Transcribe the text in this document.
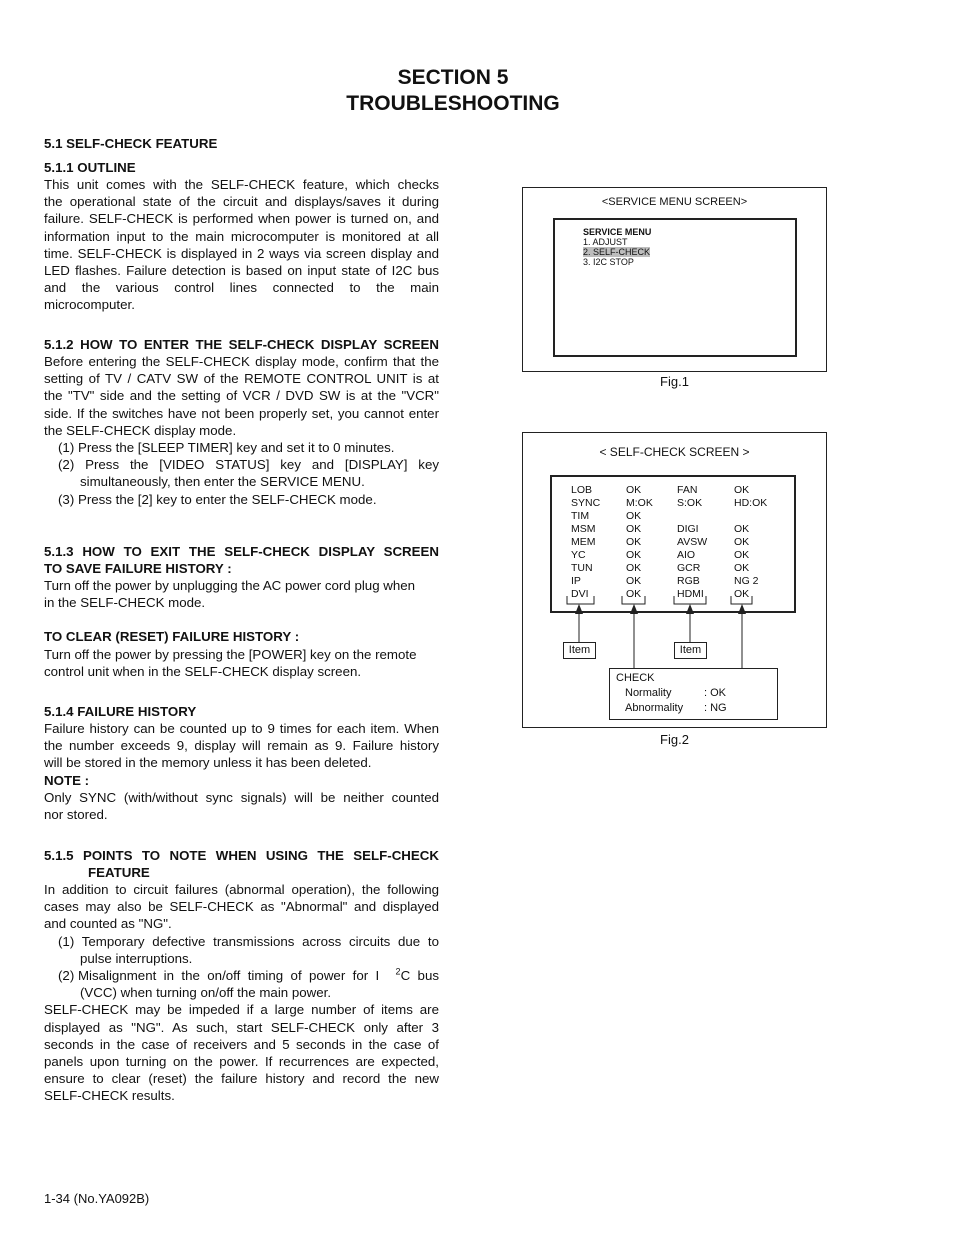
SECTION 5
TROUBLESHOOTING
5.1 SELF-CHECK FEATURE
5.1.1 OUTLINE
This unit comes with the SELF-CHECK feature, which checks
the operational state of the circuit and displays/saves it during
failure. SELF-CHECK is performed when power is turned on, and
information input to the main microcomputer is monitored at all
time. SELF-CHECK is displayed in 2 ways via screen display and
LED flashes. Failure detection is based on input state of I2C bus
and the various control lines connected to the main
microcomputer.
5.1.2 HOW TO ENTER THE SELF-CHECK DISPLAY SCREEN
Before entering the SELF-CHECK display mode, confirm that the
setting of TV / CATV SW of the REMOTE CONTROL UNIT is at
the "TV" side and the setting of VCR / DVD SW is at the "VCR"
side. If the switches have not been properly set, you cannot enter
the SELF-CHECK display mode.
(1) Press the [SLEEP TIMER] key and set it to 0 minutes.
(2) Press the [VIDEO STATUS] key and [DISPLAY] key
simultaneously, then enter the SERVICE MENU.
(3) Press the [2] key to enter the SELF-CHECK mode.
5.1.3 HOW TO EXIT THE SELF-CHECK DISPLAY SCREEN
TO SAVE FAILURE HISTORY :
Turn off the power by unplugging the AC power cord plug when
in the SELF-CHECK mode.
TO CLEAR (RESET) FAILURE HISTORY :
Turn off the power by pressing the [POWER] key on the remote
control unit when in the SELF-CHECK display screen.
5.1.4 FAILURE HISTORY
Failure history can be counted up to 9 times for each item. When
the number exceeds 9, display will remain as 9. Failure history
will be stored in the memory unless it has been deleted.
NOTE :
Only SYNC (with/without sync signals) will be neither counted
nor stored.
5.1.5 POINTS TO NOTE WHEN USING THE SELF-CHECK
FEATURE
In addition to circuit failures (abnormal operation), the following
cases may also be SELF-CHECK as "Abnormal" and displayed
and counted as "NG".
(1) Temporary defective transmissions across circuits due to
pulse interruptions.
(2) Misalignment  in  the  on/off  timing  of  power  for  I $^2$C  bus
(VCC) when turning on/off the main power.
SELF-CHECK may be impeded if a large number of items are
displayed as "NG". As such, start SELF-CHECK only after 3
seconds in the case of receivers and 5 seconds in the case of
panels upon turning on the power. If recurrences are expected,
ensure to clear (reset) the failure history and record the new
SELF-CHECK results.
<SERVICE MENU SCREEN>
SERVICE MENU
1. ADJUST
2. SELF-CHECK
3. I2C STOP
Fig.1
< SELF-CHECK SCREEN >
LOB
SYNC
TIM
MSM
MEM
YC
TUN
IP
DVI
OK
M:OK
OK
OK
OK
OK
OK
OK
OK
FAN
S:OK
DIGI
AVSW
AIO
GCR
RGB
HDMI
OK
HD:OK
OK
OK
OK
OK
NG 2
OK
Item	Item
CHECK
Normality	: OK
Abnormality : NG
Fig.2
1-34 (No.YA092B)
